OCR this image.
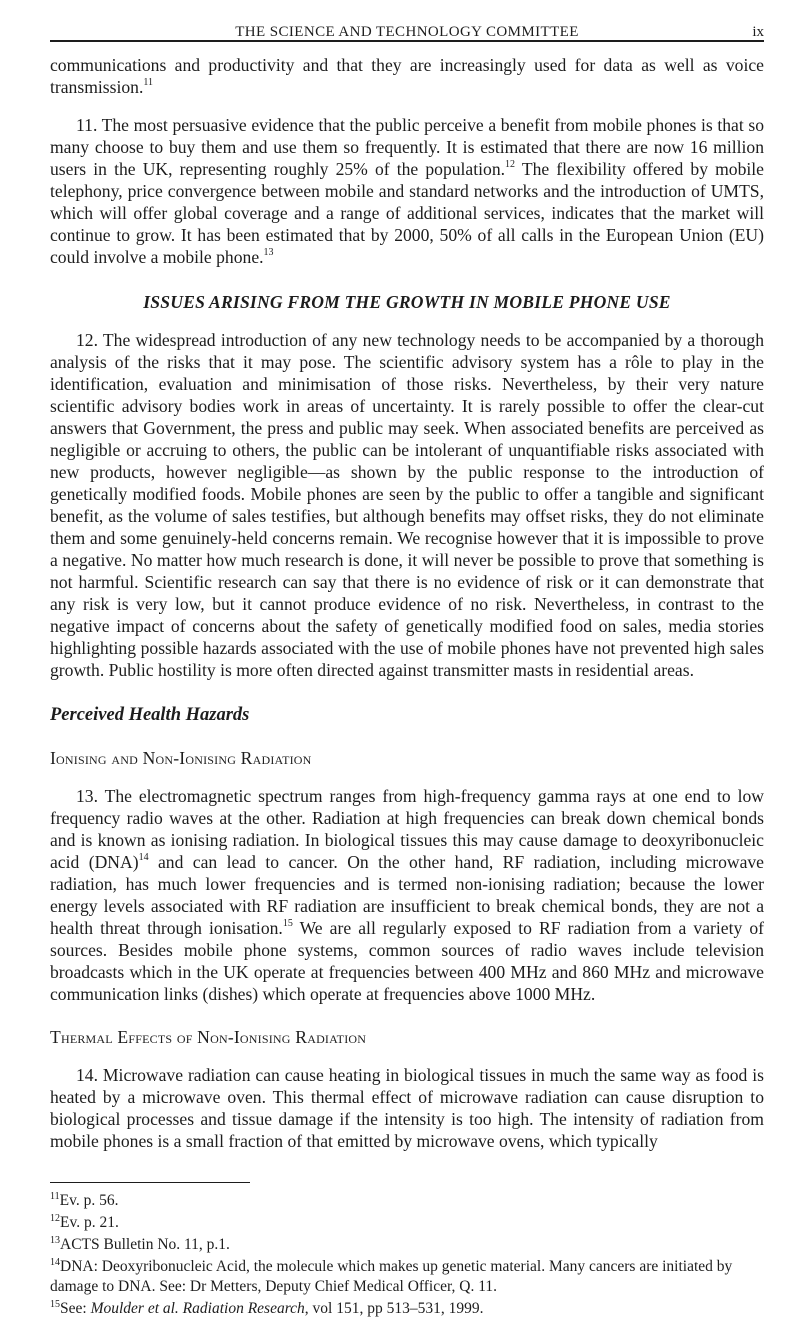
THE SCIENCE AND TECHNOLOGY COMMITTEE	ix

communications and productivity and that they are increasingly used for data as well as voice transmission.$^{11}$

11. The most persuasive evidence that the public perceive a benefit from mobile phones is that so many choose to buy them and use them so frequently. It is estimated that there are now 16 million users in the UK, representing roughly 25% of the population.$^{12}$ The flexibility offered by mobile telephony, price convergence between mobile and standard networks and the introduction of UMTS, which will offer global coverage and a range of additional services, indicates that the market will continue to grow. It has been estimated that by 2000, 50% of all calls in the European Union (EU) could involve a mobile phone.$^{13}$

ISSUES ARISING FROM THE GROWTH IN MOBILE PHONE USE

12. The widespread introduction of any new technology needs to be accompanied by a thorough analysis of the risks that it may pose. The scientific advisory system has a rôle to play in the identification, evaluation and minimisation of those risks. Nevertheless, by their very nature scientific advisory bodies work in areas of uncertainty. It is rarely possible to offer the clear-cut answers that Government, the press and public may seek. When associated benefits are perceived as negligible or accruing to others, the public can be intolerant of unquantifiable risks associated with new products, however negligible—as shown by the public response to the introduction of genetically modified foods. Mobile phones are seen by the public to offer a tangible and significant benefit, as the volume of sales testifies, but although benefits may offset risks, they do not eliminate them and some genuinely-held concerns remain. We recognise however that it is impossible to prove a negative. No matter how much research is done, it will never be possible to prove that something is not harmful. Scientific research can say that there is no evidence of risk or it can demonstrate that any risk is very low, but it cannot produce evidence of no risk. Nevertheless, in contrast to the negative impact of concerns about the safety of genetically modified food on sales, media stories highlighting possible hazards associated with the use of mobile phones have not prevented high sales growth. Public hostility is more often directed against transmitter masts in residential areas.

Perceived Health Hazards
Ionising and Non-Ionising Radiation

13. The electromagnetic spectrum ranges from high-frequency gamma rays at one end to low frequency radio waves at the other. Radiation at high frequencies can break down chemical bonds and is known as ionising radiation. In biological tissues this may cause damage to deoxyribonucleic acid (DNA)$^{14}$ and can lead to cancer. On the other hand, RF radiation, including microwave radiation, has much lower frequencies and is termed non-ionising radiation; because the lower energy levels associated with RF radiation are insufficient to break chemical bonds, they are not a health threat through ionisation.$^{15}$ We are all regularly exposed to RF radiation from a variety of sources. Besides mobile phone systems, common sources of radio waves include television broadcasts which in the UK operate at frequencies between 400 MHz and 860 MHz and microwave communication links (dishes) which operate at frequencies above 1000 MHz.

Thermal Effects of Non-Ionising Radiation

14. Microwave radiation can cause heating in biological tissues in much the same way as food is heated by a microwave oven. This thermal effect of microwave radiation can cause disruption to biological processes and tissue damage if the intensity is too high. The intensity of radiation from mobile phones is a small fraction of that emitted by microwave ovens, which typically

$^{11}$Ev. p. 56.
$^{12}$Ev. p. 21.
$^{13}$ACTS Bulletin No. 11, p.1.
$^{14}$DNA: Deoxyribonucleic Acid, the molecule which makes up genetic material. Many cancers are initiated by damage to DNA. See: Dr Metters, Deputy Chief Medical Officer, Q. 11.
$^{15}$See: Moulder et al. Radiation Research, vol 151, pp 513–531, 1999.
